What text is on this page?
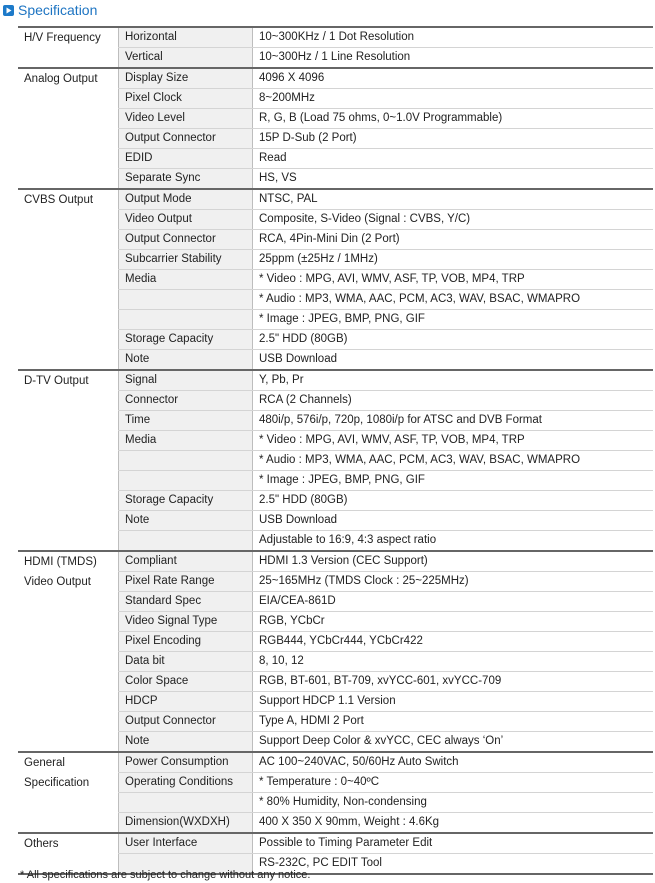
Specification
H/V Frequency	Horizontal	10~300KHz / 1 Dot Resolution
	Vertical	10~300Hz / 1 Line Resolution

Analog Output	Display Size	4096 X 4096
	Pixel Clock	8~200MHz
	Video Level	R, G, B (Load 75 ohms, 0~1.0V Programmable)
	Output Connector	15P D-Sub (2 Port)
	EDID	Read
	Separate Sync	HS, VS

CVBS Output	Output Mode	NTSC, PAL
	Video Output	Composite, S-Video (Signal : CVBS, Y/C)
	Output Connector	RCA, 4Pin-Mini Din (2 Port)
	Subcarrier Stability	25ppm (±25Hz / 1MHz)
	Media	* Video : MPG, AVI, WMV, ASF, TP, VOB, MP4, TRP
		* Audio : MP3, WMA, AAC, PCM, AC3, WAV, BSAC, WMAPRO
		* Image : JPEG, BMP, PNG, GIF
	Storage Capacity	2.5" HDD (80GB)
	Note	USB Download

D-TV Output	Signal	Y, Pb, Pr
	Connector	RCA (2 Channels)
	Time	480i/p, 576i/p, 720p, 1080i/p for ATSC and DVB Format
	Media	* Video : MPG, AVI, WMV, ASF, TP, VOB, MP4, TRP
		* Audio : MP3, WMA, AAC, PCM, AC3, WAV, BSAC, WMAPRO
		* Image : JPEG, BMP, PNG, GIF
	Storage Capacity	2.5" HDD (80GB)
	Note	USB Download
		Adjustable to 16:9, 4:3 aspect ratio

HDMI (TMDS)
Video Output	Compliant	HDMI 1.3 Version (CEC Support)
	Pixel Rate Range	25~165MHz (TMDS Clock : 25~225MHz)
	Standard Spec	EIA/CEA-861D
	Video Signal Type	RGB, YCbCr
	Pixel Encoding	RGB444, YCbCr444, YCbCr422
	Data bit	8, 10, 12
	Color Space	RGB, BT-601, BT-709, xvYCC-601, xvYCC-709
	HDCP	Support HDCP 1.1 Version
	Output Connector	Type A, HDMI 2 Port
	Note	Support Deep Color & xvYCC, CEC always ‘On’

General
Specification	Power Consumption	AC 100~240VAC, 50/60Hz Auto Switch
	Operating Conditions	* Temperature : 0~40ºC
		* 80% Humidity, Non-condensing
	Dimension(WXDXH)	400 X 350 X 90mm, Weight : 4.6Kg

Others	User Interface	Possible to Timing Parameter Edit
		RS-232C, PC EDIT Tool
* All specifications are subject to change without any notice.
